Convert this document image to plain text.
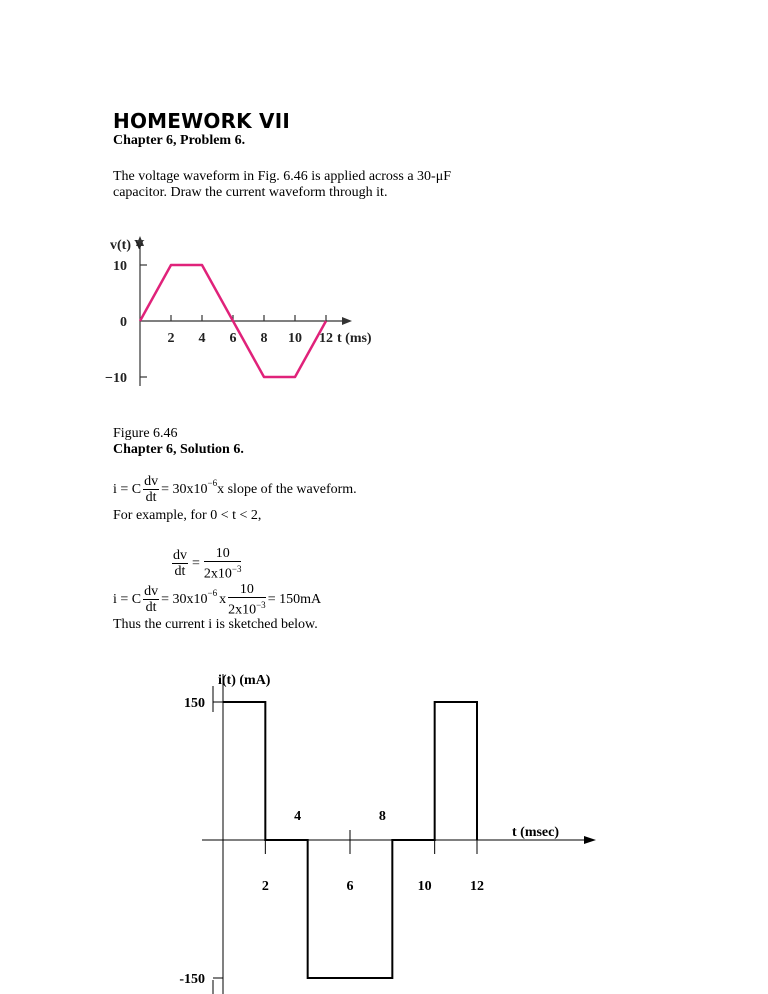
HOMEWORK VII
Chapter 6, Problem 6.
The voltage waveform in Fig. 6.46 is applied across a 30-μF
capacitor. Draw the current waveform through it.
10
0
−10
2 4 6 8 10 12 t (ms)
v(t) V
Figure 6.46
Chapter 6, Solution 6.
i = C $\frac{dv}{dt} = 30x10^{-6}$ x slope of the waveform.
For example, for 0 < t < 2,
$\frac{dv}{dt} = \frac{10}{2x10^{-3}}$
i = C $\frac{dv}{dt} = 30x10^{-6}$ x $\frac{10}{2x10^{-3}} = 150mA$
Thus the current i is sketched below.
150
-150
2	6	10	12
4	8
i(t) (mA)
t (msec)
